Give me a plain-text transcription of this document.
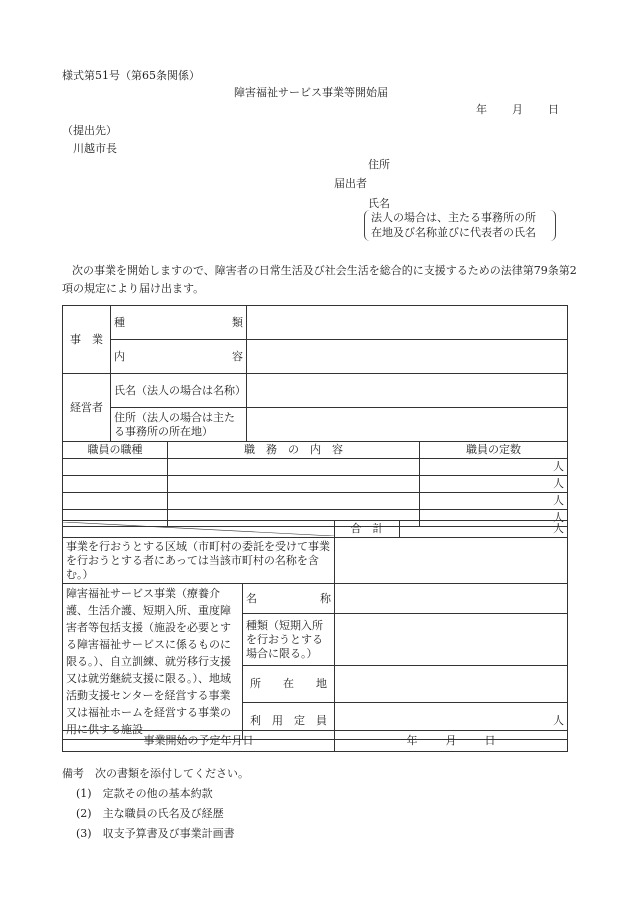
様式第51号（第65条関係）
障害福祉サービス事業等開始届
年 月 日
（提出先）
川越市長
住所
届出者
氏名
法人の場合は、主たる事務所の所
在地及び名称並びに代表者の氏名
次の事業を開始しますので、障害者の日常生活及び社会生活を総合的に支援するための法律第79条第2項の規定により届け出ます。
事　業	種 類			

	内 容			

経営者	氏名（法人の場合は名称）			
	住所（法人の場合は主たる事務所の所在地）			
職員の職種		職　務　の　内　容		職員の定数
				人
				人
				人
				人
	合　計	人
事業を行おうとする区域（市町村の委託を受けて事業を行おうとする者にあっては当該市町村の名称を含む。）			
障害福祉サービス事業（療養介護、生活介護、短期入所、重度障害者等包括支援（施設を必要とする障害福祉サービスに係るものに限る。）、自立訓練、就労移行支援又は就労継続支援に限る。）、地域活動支援センターを経営する事業又は福祉ホームを経営する事業の用に供する施設	名 称		

	種類（短期入所を行おうとする場合に限る。）		
	所　　在　　地		
	利　用　定　員	人	
事業開始の予定年月日	年	月	日
備考　次の書類を添付してください。
(1)　定款その他の基本約款
(2)　主な職員の氏名及び経歴
(3)　収支予算書及び事業計画書
